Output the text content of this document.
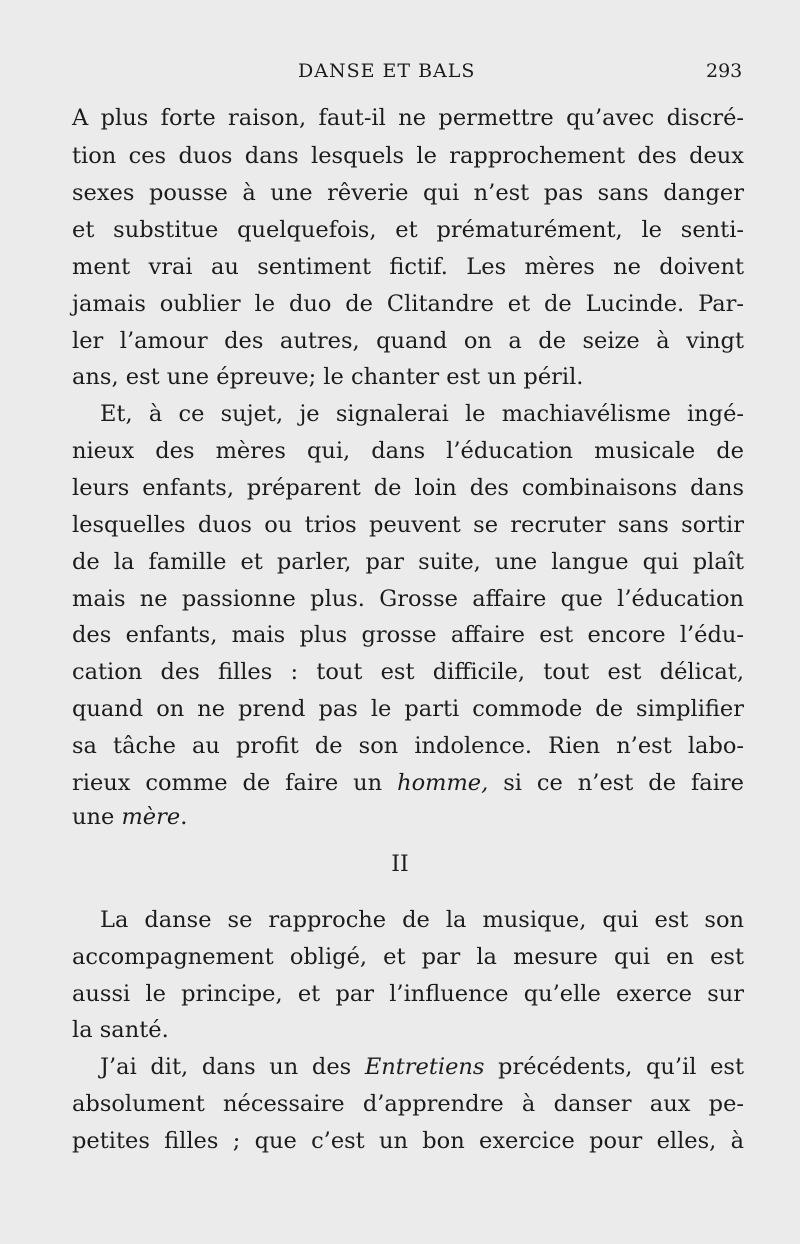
DANSE ET BALS	293
A plus forte raison, faut-il ne permettre qu’avec discré-
tion ces duos dans lesquels le rapprochement des deux
sexes pousse à une rêverie qui n’est pas sans danger
et substitue quelquefois, et prématurément, le senti-
ment vrai au sentiment fictif. Les mères ne doivent
jamais oublier le duo de Clitandre et de Lucinde. Par-
ler l’amour des autres, quand on a de seize à vingt
ans, est une épreuve; le chanter est un péril.
Et, à ce sujet, je signalerai le machiavélisme ingé-
nieux des mères qui, dans l’éducation musicale de
leurs enfants, préparent de loin des combinaisons dans
lesquelles duos ou trios peuvent se recruter sans sortir
de la famille et parler, par suite, une langue qui plaît
mais ne passionne plus. Grosse affaire que l’éducation
des enfants, mais plus grosse affaire est encore l’édu-
cation des filles : tout est difficile, tout est délicat,
quand on ne prend pas le parti commode de simplifier
sa tâche au profit de son indolence. Rien n’est labo-
rieux comme de faire un homme, si ce n’est de faire
une mère.
II
La danse se rapproche de la musique, qui est son
accompagnement obligé, et par la mesure qui en est
aussi le principe, et par l’influence qu’elle exerce sur
la santé.
J’ai dit, dans un des Entretiens précédents, qu’il est
absolument nécessaire d’apprendre à danser aux pe-
petites filles ; que c’est un bon exercice pour elles, à
